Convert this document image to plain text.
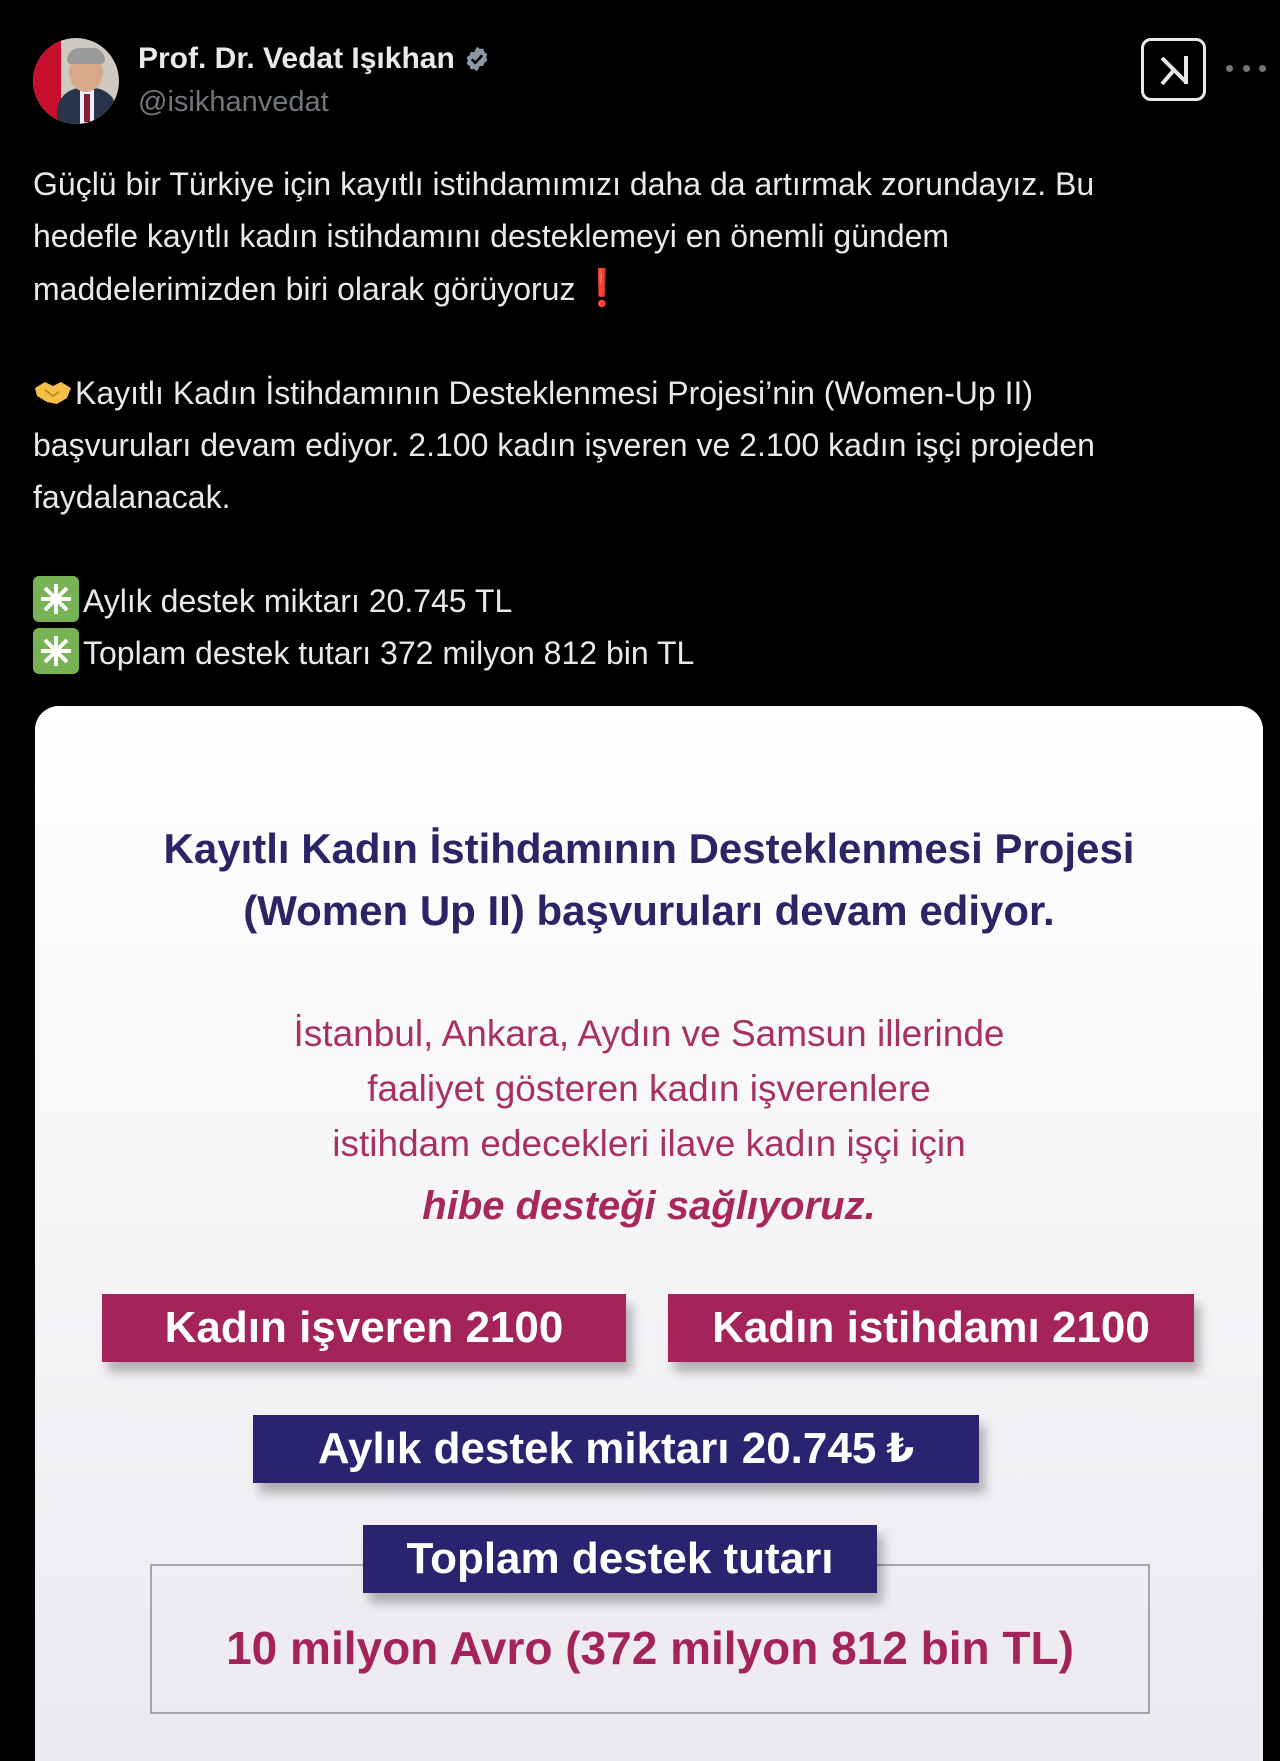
Prof. Dr. Vedat Işıkhan
@isikhanvedat

Güçlü bir Türkiye için kayıtlı istihdamımızı daha da artırmak zorundayız. Bu

hedefle kayıtlı kadın istihdamını desteklemeyi en önemli gündem

maddelerimizden biri olarak görüyoruz ❗

Kayıtlı Kadın İstihdamının Desteklenmesi Projesi’nin (Women-Up II)

başvuruları devam ediyor. 2.100 kadın işveren ve 2.100 kadın işçi projeden

faydalanacak.

Aylık destek miktarı 20.745 TL

Toplam destek tutarı 372 milyon 812 bin TL

Kayıtlı Kadın İstihdamının Desteklenmesi Projesi
(Women Up II) başvuruları devam ediyor.
İstanbul, Ankara, Aydın ve Samsun illerinde
faaliyet gösteren kadın işverenlere
istihdam edecekleri ilave kadın işçi için
hibe desteği sağlıyoruz.
Kadın işveren 2100	Kadın istihdamı 2100
Aylık destek miktarı 20.745 ₺
Toplam destek tutarı
10 milyon Avro (372 milyon 812 bin TL)
